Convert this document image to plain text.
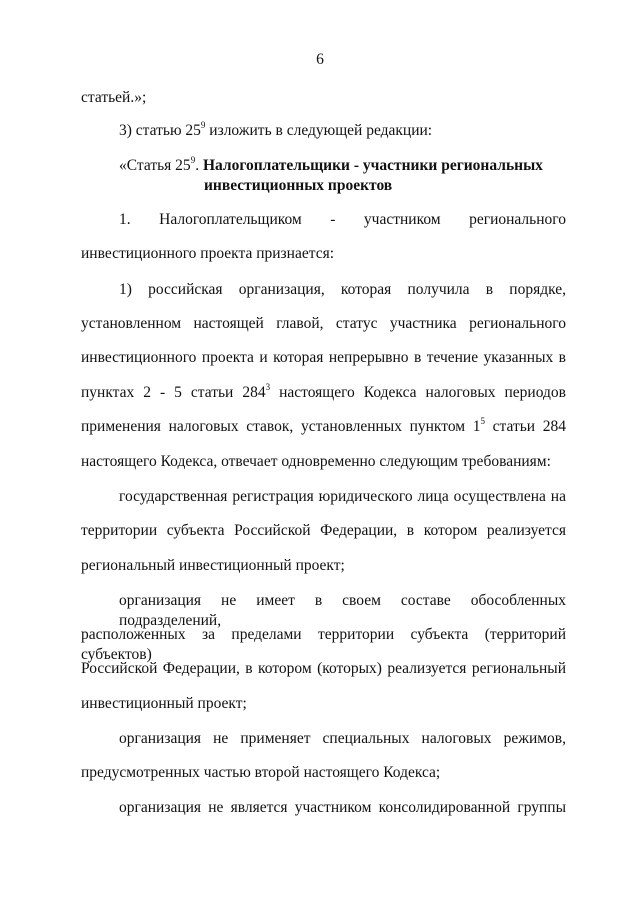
6
статьей.»;
3) статью $25^9$ изложить в следующей редакции:
«Статья $25^9$. Налогоплательщики - участники региональных
инвестиционных проектов
1. Налогоплательщиком - участником регионального
инвестиционного проекта признается:
1) российская организация, которая получила в порядке,
установленном настоящей главой, статус участника регионального
инвестиционного проекта и которая непрерывно в течение указанных в
пунктах 2 - 5 статьи $284^3$ настоящего Кодекса налоговых периодов
применения налоговых ставок, установленных пунктом $1^5$ статьи 284
настоящего Кодекса, отвечает одновременно следующим требованиям:
государственная регистрация юридического лица осуществлена на
территории субъекта Российской Федерации, в котором реализуется
региональный инвестиционный проект;
организация не имеет в своем составе обособленных подразделений,
расположенных за пределами территории субъекта (территорий субъектов)
Российской Федерации, в котором (которых) реализуется региональный
инвестиционный проект;
организация не применяет специальных налоговых режимов,
предусмотренных частью второй настоящего Кодекса;
организация не является участником консолидированной группы
